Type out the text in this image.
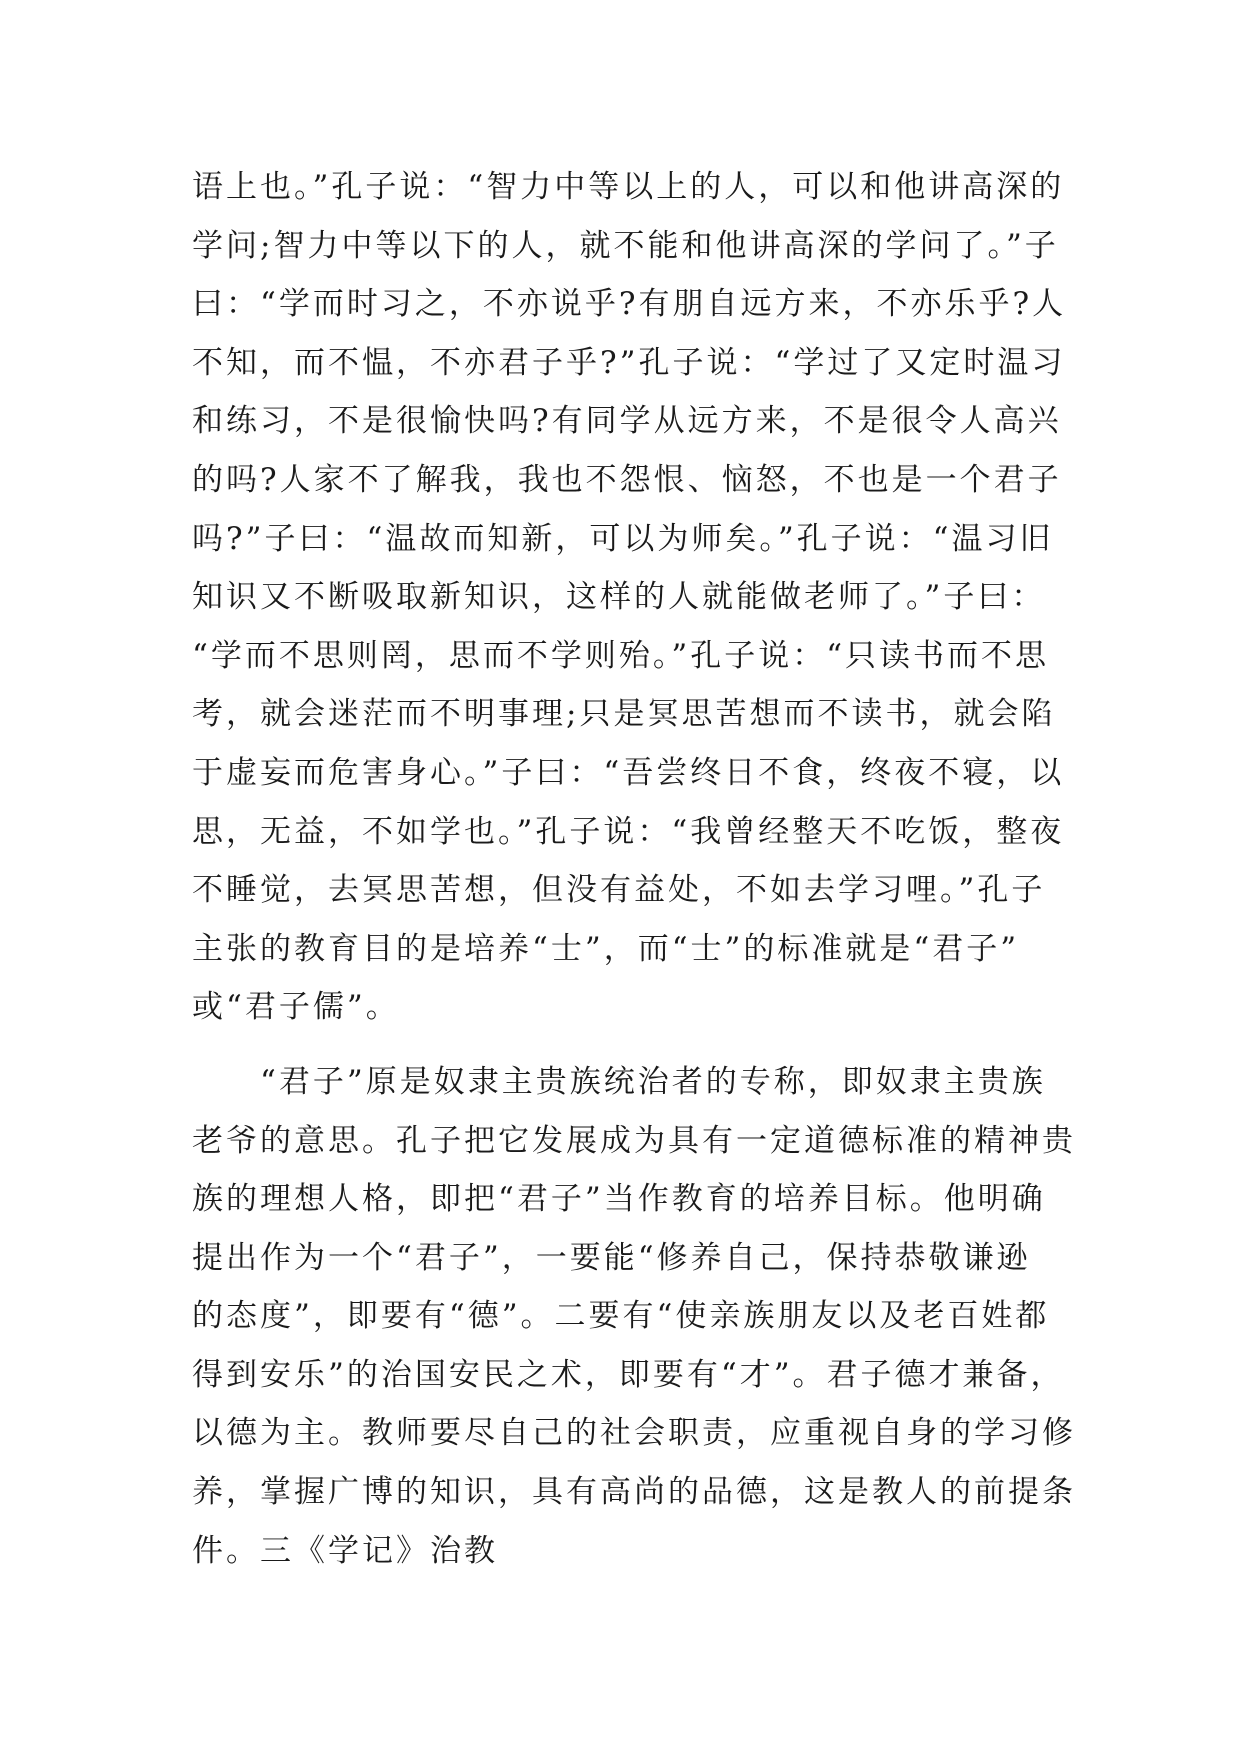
语上也。”孔子说：“智力中等以上的人，可以和他讲高深的
学问;智力中等以下的人，就不能和他讲高深的学问了。”子
曰：“学而时习之，不亦说乎?有朋自远方来，不亦乐乎?人
不知，而不愠，不亦君子乎?”孔子说：“学过了又定时温习
和练习，不是很愉快吗?有同学从远方来，不是很令人高兴
的吗?人家不了解我，我也不怨恨、恼怒，不也是一个君子
吗?”子曰：“温故而知新，可以为师矣。”孔子说：“温习旧
知识又不断吸取新知识，这样的人就能做老师了。”子曰：
“学而不思则罔，思而不学则殆。”孔子说：“只读书而不思
考，就会迷茫而不明事理;只是冥思苦想而不读书，就会陷
于虚妄而危害身心。”子曰：“吾尝终日不食，终夜不寝，以
思，无益，不如学也。”孔子说：“我曾经整天不吃饭，整夜
不睡觉，去冥思苦想，但没有益处，不如去学习哩。”孔子
主张的教育目的是培养“士”，而“士”的标准就是“君子”
或“君子儒”。
　　“君子”原是奴隶主贵族统治者的专称，即奴隶主贵族
老爷的意思。孔子把它发展成为具有一定道德标准的精神贵
族的理想人格，即把“君子”当作教育的培养目标。他明确
提出作为一个“君子”，一要能“修养自己，保持恭敬谦逊
的态度”，即要有“德”。二要有“使亲族朋友以及老百姓都
得到安乐”的治国安民之术，即要有“才”。君子德才兼备，
以德为主。教师要尽自己的社会职责，应重视自身的学习修
养，掌握广博的知识，具有高尚的品德，这是教人的前提条
件。三《学记》治教
